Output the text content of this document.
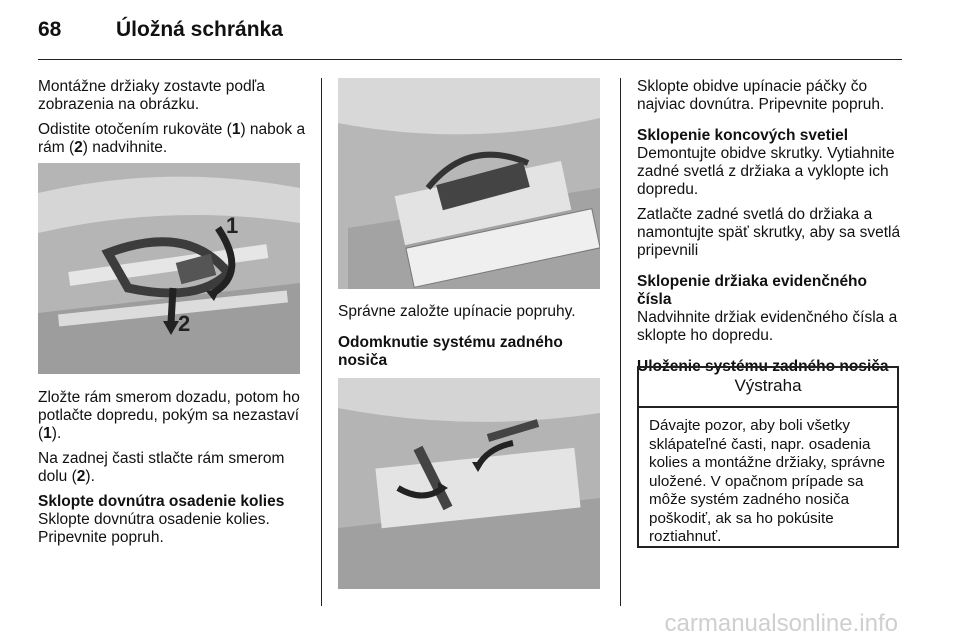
68	Úložná schránka

Montážne držiaky zostavte podľa zobrazenia na obrázku.

Odistite otočením rukoväte (1) nabok a rám (2) nadvihnite.

1
2

Zložte rám smerom dozadu, potom ho potlačte dopredu, pokým sa nezastaví (1).

Na zadnej časti stlačte rám smerom dolu (2).

Sklopte dovnútra osadenie kolies

Sklopte dovnútra osadenie kolies. Pripevnite popruh.

Správne založte upínacie popruhy.

Odomknutie systému zadného nosiča

Sklopte obidve upínacie páčky čo najviac dovnútra. Pripevnite popruh.

Sklopenie koncových svetiel

Demontujte obidve skrutky. Vytiahnite zadné svetlá z držiaka a vyklopte ich dopredu.

Zatlačte zadné svetlá do držiaka a namontujte späť skrutky, aby sa svetlá pripevnili

Sklopenie držiaka evidenčného čísla

Nadvihnite držiak evidenčného čísla a sklopte ho dopredu.

Uloženie systému zadného nosiča

Výstraha
Dávajte pozor, aby boli všetky sklápateľné časti, napr. osadenia kolies a montážne držiaky, správne uložené. V opačnom prípade sa môže systém zadného nosiča poškodiť, ak sa ho pokúsite roztiahnuť.
carmanualsonline.info
